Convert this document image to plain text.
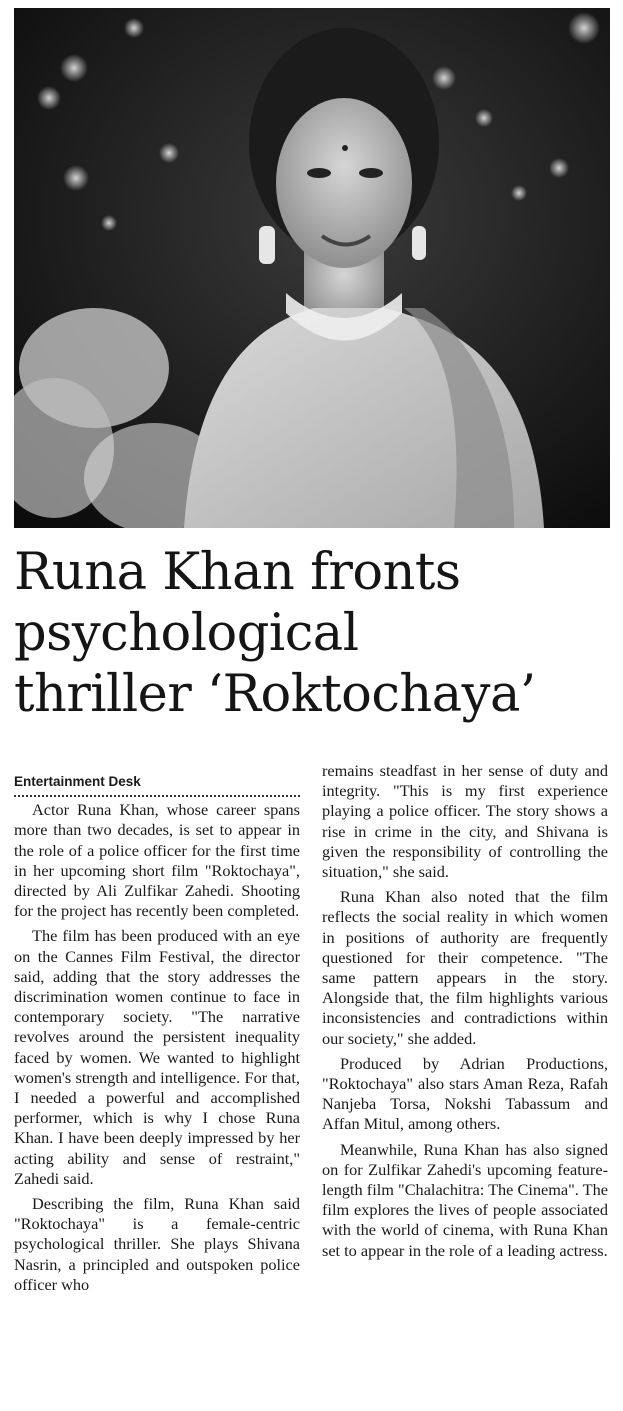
Runa Khan fronts
psychological
thriller ‘Roktochaya’
Entertainment Desk

Actor Runa Khan, whose career spans more than two decades, is set to appear in the role of a police officer for the first time in her upcoming short film "Roktochaya", directed by Ali Zulfikar Zahedi. Shooting for the project has recently been completed.

The film has been produced with an eye on the Cannes Film Festival, the director said, adding that the story addresses the discrimination women continue to face in contemporary society. "The narrative revolves around the persistent inequality faced by women. We wanted to highlight women's strength and intelligence. For that, I needed a powerful and accomplished performer, which is why I chose Runa Khan. I have been deeply impressed by her acting ability and sense of restraint," Zahedi said.

Describing the film, Runa Khan said "Roktochaya" is a female-centric psychological thriller. She plays Shivana Nasrin, a principled and outspoken police officer who

remains steadfast in her sense of duty and integrity. "This is my first experience playing a police officer. The story shows a rise in crime in the city, and Shivana is given the responsibility of controlling the situation," she said.

Runa Khan also noted that the film reflects the social reality in which women in positions of authority are frequently questioned for their competence. "The same pattern appears in the story. Alongside that, the film highlights various inconsistencies and contradictions within our society," she added.

Produced by Adrian Productions, "Roktochaya" also stars Aman Reza, Rafah Nanjeba Torsa, Nokshi Tabassum and Affan Mitul, among others.

Meanwhile, Runa Khan has also signed on for Zulfikar Zahedi's upcoming feature-length film "Chalachitra: The Cinema". The film explores the lives of people associated with the world of cinema, with Runa Khan set to appear in the role of a leading actress.
